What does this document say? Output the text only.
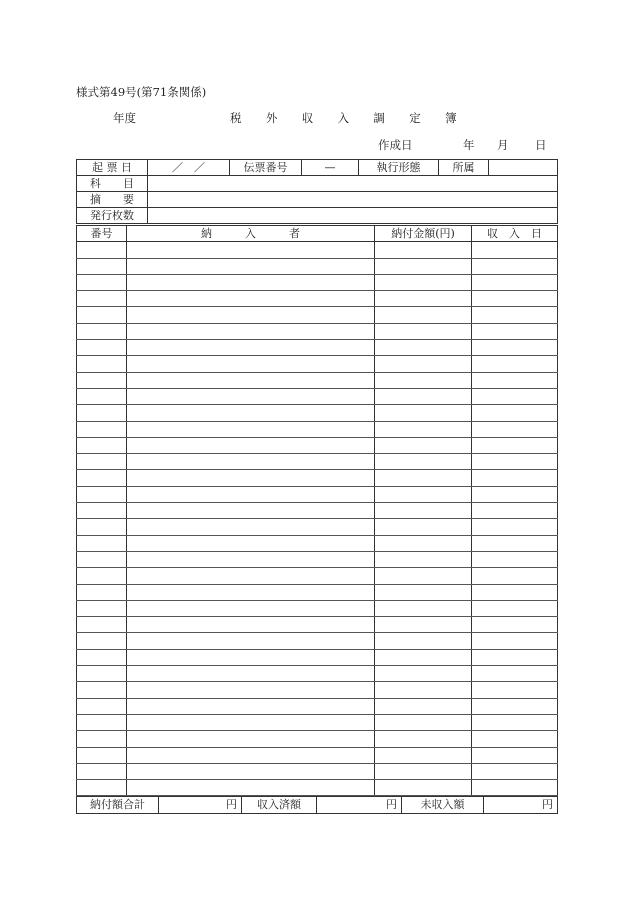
様式第49号(第71条関係)
年度	税 外 収 入 調 定 簿
作成日	年 月 日
起 票 日	／　／	伝票番号	—	執行形態	所属	
科　　目						
摘　　要						
発行枚数						
番号	納　　　入　　　者	納付金額(円)	収　入　日

納付額合計	円	収入済額	円	未収入額	円
